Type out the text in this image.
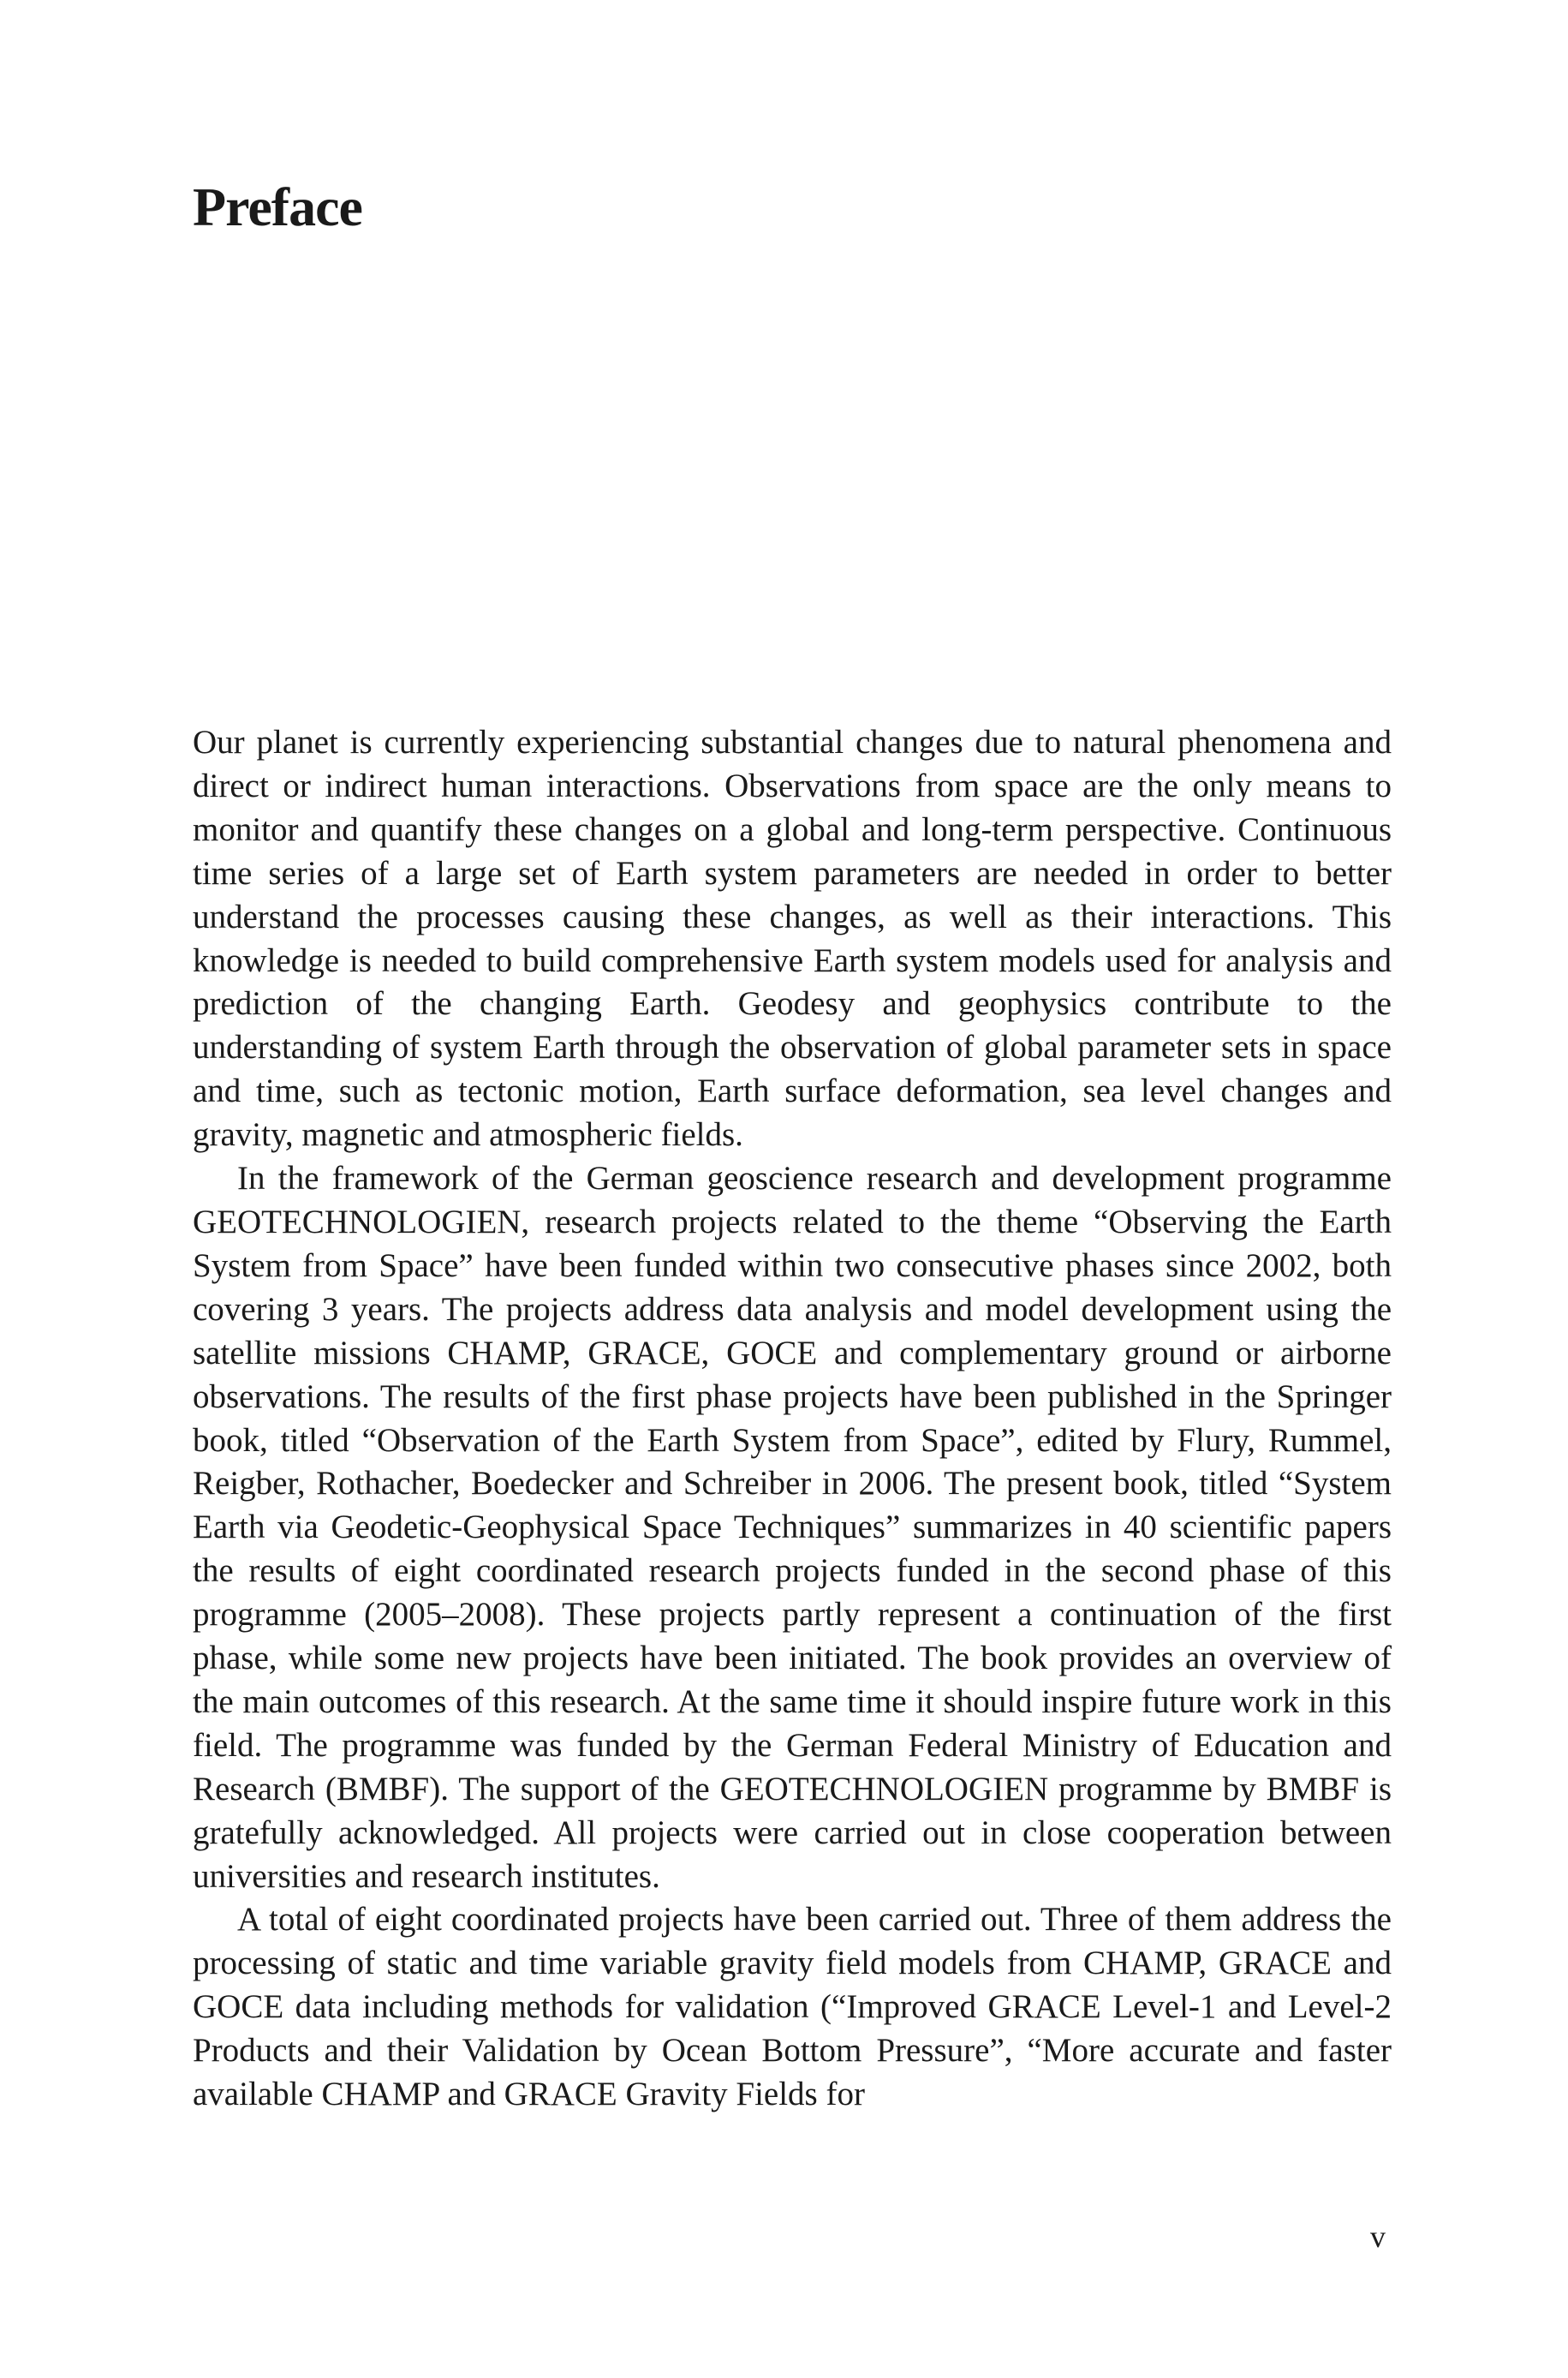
Preface

Our planet is currently experiencing substantial changes due to natural phenomena and direct or indirect human interactions. Observations from space are the only means to monitor and quantify these changes on a global and long-term perspective. Continuous time series of a large set of Earth system parameters are needed in order to better understand the processes causing these changes, as well as their interactions. This knowledge is needed to build comprehensive Earth system models used for analysis and prediction of the changing Earth. Geodesy and geophysics contribute to the understanding of system Earth through the observation of global parameter sets in space and time, such as tectonic motion, Earth surface deformation, sea level changes and gravity, magnetic and atmospheric fields.

In the framework of the German geoscience research and development programme GEOTECHNOLOGIEN, research projects related to the theme “Observing the Earth System from Space” have been funded within two consecutive phases since 2002, both covering 3 years. The projects address data analysis and model development using the satellite missions CHAMP, GRACE, GOCE and complementary ground or airborne observations. The results of the first phase projects have been published in the Springer book, titled “Observation of the Earth System from Space”, edited by Flury, Rummel, Reigber, Rothacher, Boedecker and Schreiber in 2006. The present book, titled “System Earth via Geodetic-Geophysical Space Techniques” summarizes in 40 scientific papers the results of eight coordinated research projects funded in the second phase of this programme (2005–2008). These projects partly represent a continuation of the first phase, while some new projects have been initiated. The book provides an overview of the main outcomes of this research. At the same time it should inspire future work in this field. The programme was funded by the German Federal Ministry of Education and Research (BMBF). The support of the GEOTECHNOLOGIEN programme by BMBF is gratefully acknowledged. All projects were carried out in close cooperation between universities and research institutes.

A total of eight coordinated projects have been carried out. Three of them address the processing of static and time variable gravity field models from CHAMP, GRACE and GOCE data including methods for validation (“Improved GRACE Level-1 and Level-2 Products and their Validation by Ocean Bottom Pressure”, “More accurate and faster available CHAMP and GRACE Gravity Fields for

v
